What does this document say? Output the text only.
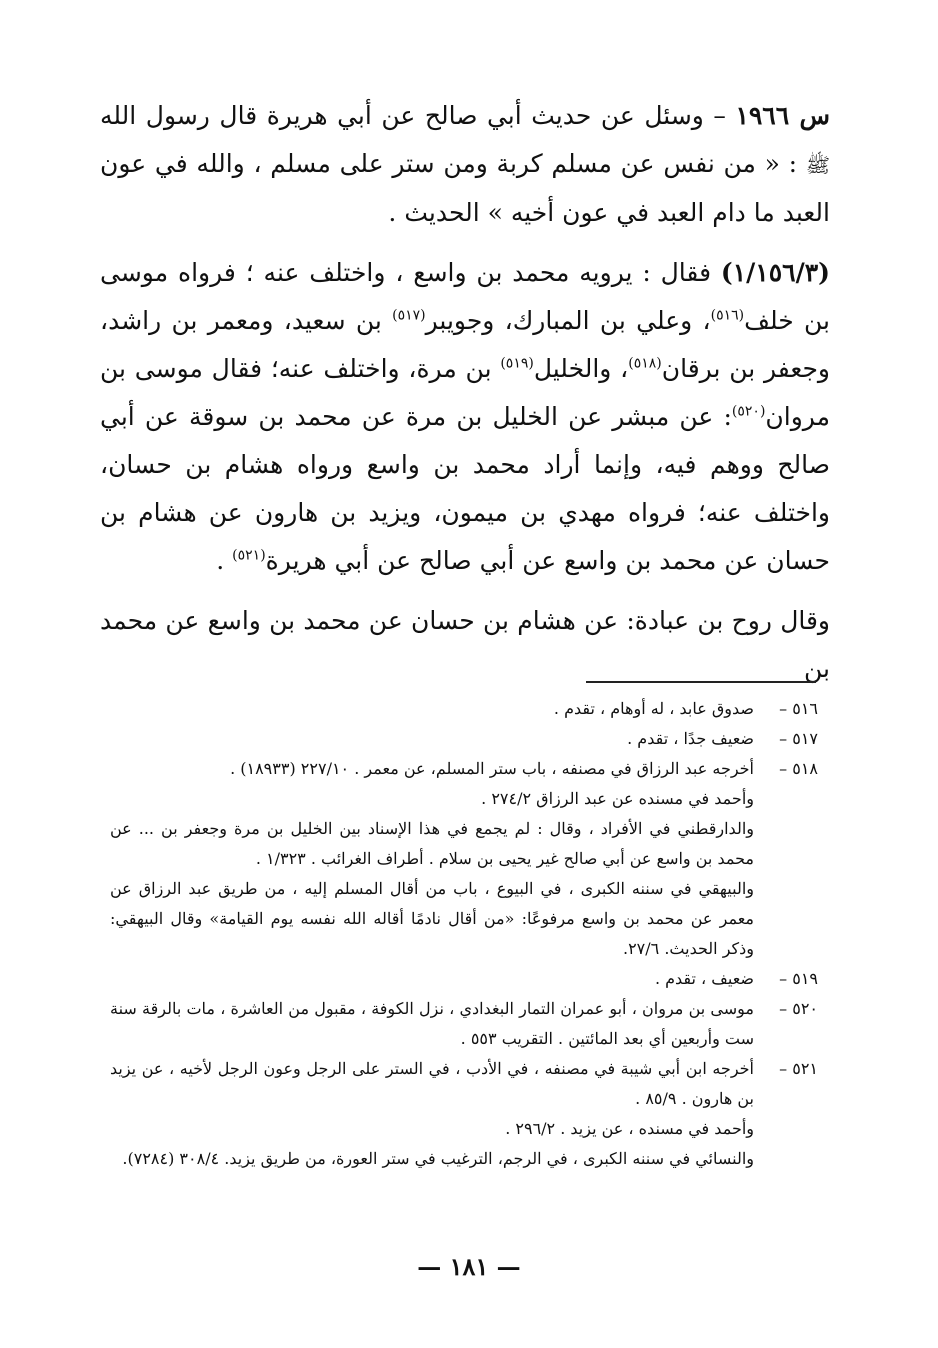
س ١٩٦٦ – وسئل عن حديث أبي صالح عن أبي هريرة قال رسول الله ﷺ : « من نفس عن مسلم كربة ومن ستر على مسلم ، والله في عون العبد ما دام العبد في عون أخيه » الحديث .

(١/١٥٦/٣) فقال : يرويه محمد بن واسع ، واختلف عنه ؛ فرواه موسى بن خلف$^{(٥١٦)}$، وعلي بن المبارك، وجويبر$^{(٥١٧)}$ بن سعيد، ومعمر بن راشد، وجعفر بن برقان$^{(٥١٨)}$، والخليل$^{(٥١٩)}$ بن مرة، واختلف عنه؛ فقال موسى بن مروان$^{(٥٢٠)}$: عن مبشر عن الخليل بن مرة عن محمد بن سوقة عن أبي صالح ووهم فيه، وإنما أراد محمد بن واسع ورواه هشام بن حسان، واختلف عنه؛ فرواه مهدي بن ميمون، ويزيد بن هارون عن هشام بن حسان عن محمد بن واسع عن أبي صالح عن أبي هريرة$^{(٥٢١)}$ .

وقال روح بن عبادة: عن هشام بن حسان عن محمد بن واسع عن محمد بن

٥١٦ –
صدوق عابد ، له أوهام ، تقدم .
٥١٧ –
ضعيف جدًا ، تقدم .
٥١٨ –
أخرجه عبد الرزاق في مصنفه ، باب ستر المسلم، عن معمر . ٢٢٧/١٠ (١٨٩٣٣) .
وأحمد في مسنده عن عبد الرزاق ٢٧٤/٢ .
والدارقطني في الأفراد ، وقال : لم يجمع في هذا الإسناد بين الخليل بن مرة وجعفر بن ... عن محمد بن واسع عن أبي صالح غير يحيى بن سلام . أطراف الغرائب . ١/٣٢٣ .
والبيهقي في سننه الكبرى ، في البيوع ، باب من أقال المسلم إليه ، من طريق عبد الرزاق عن معمر عن محمد بن واسع مرفوعًا: «من أقال نادمًا أقاله الله نفسه يوم القيامة» وقال البيهقي: وذكر الحديث. ٢٧/٦.
٥١٩ –
ضعيف ، تقدم .
٥٢٠ –
موسى بن مروان ، أبو عمران التمار البغدادي ، نزل الكوفة ، مقبول من العاشرة ، مات بالرقة سنة ست وأربعين أي بعد المائتين . التقريب ٥٥٣ .
٥٢١ –
أخرجه ابن أبي شيبة في مصنفه ، في الأدب ، في الستر على الرجل وعون الرجل لأخيه ، عن يزيد بن هارون . ٨٥/٩ .
وأحمد في مسنده ، عن يزيد . ٢٩٦/٢ .
والنسائي في سننه الكبرى ، في الرجم، الترغيب في ستر العورة، من طريق يزيد. ٣٠٨/٤ (٧٢٨٤).
— ١٨١ —
